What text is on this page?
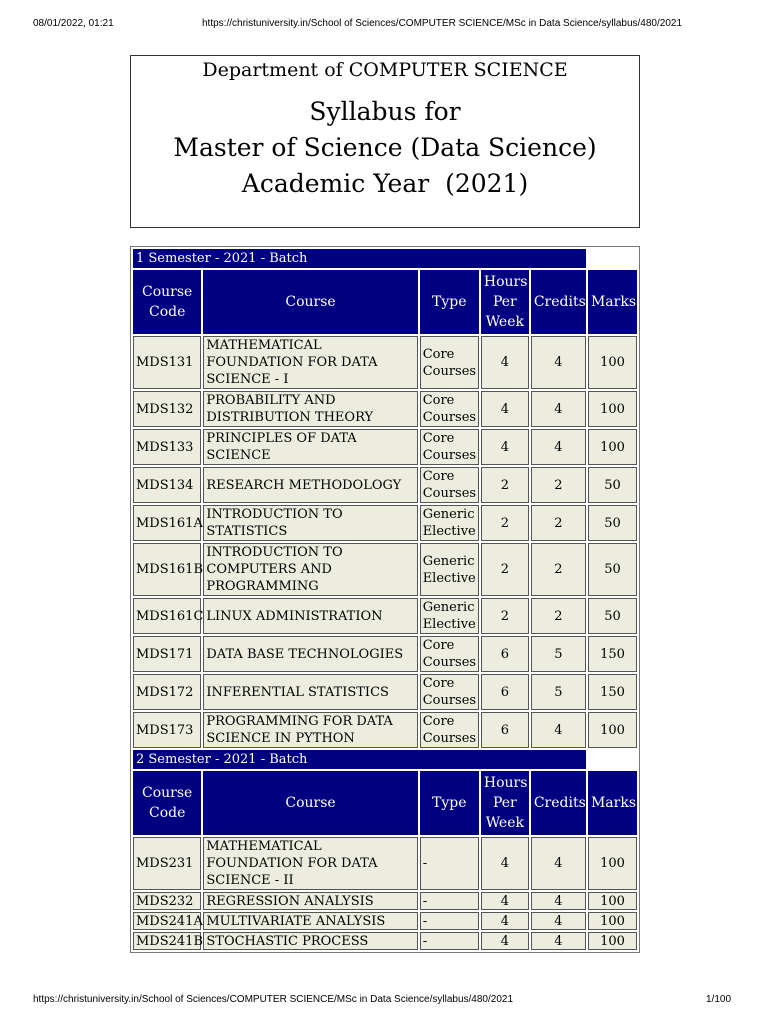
08/01/2022, 01:21	https://christuniversity.in/School of Sciences/COMPUTER SCIENCE/MSc in Data Science/syllabus/480/2021
Department of COMPUTER SCIENCE
Syllabus for
Master of Science (Data Science)
Academic Year  (2021)
1 Semester - 2021 - Batch					
Course Code	Course	Type	Hours Per Week	Credits	Marks
MDS131	MATHEMATICAL FOUNDATION FOR DATA SCIENCE - I	Core Courses	4	4	100
MDS132	PROBABILITY AND DISTRIBUTION THEORY	Core Courses	4	4	100
MDS133	PRINCIPLES OF DATA SCIENCE	Core Courses	4	4	100
MDS134	RESEARCH METHODOLOGY	Core Courses	2	2	50
MDS161A	INTRODUCTION TO STATISTICS	Generic Elective	2	2	50
MDS161B	INTRODUCTION TO COMPUTERS AND PROGRAMMING	Generic Elective	2	2	50
MDS161C	LINUX ADMINISTRATION	Generic Elective	2	2	50
MDS171	DATA BASE TECHNOLOGIES	Core Courses	6	5	150
MDS172	INFERENTIAL STATISTICS	Core Courses	6	5	150
MDS173	PROGRAMMING FOR DATA SCIENCE IN PYTHON	Core Courses	6	4	100
2 Semester - 2021 - Batch					
Course Code	Course	Type	Hours Per Week	Credits	Marks
MDS231	MATHEMATICAL FOUNDATION FOR DATA SCIENCE - II	-	4	4	100
MDS232	REGRESSION ANALYSIS	-	4	4	100
MDS241A	MULTIVARIATE ANALYSIS	-	4	4	100
MDS241B	STOCHASTIC PROCESS	-	4	4	100
https://christuniversity.in/School of Sciences/COMPUTER SCIENCE/MSc in Data Science/syllabus/480/2021	1/100
